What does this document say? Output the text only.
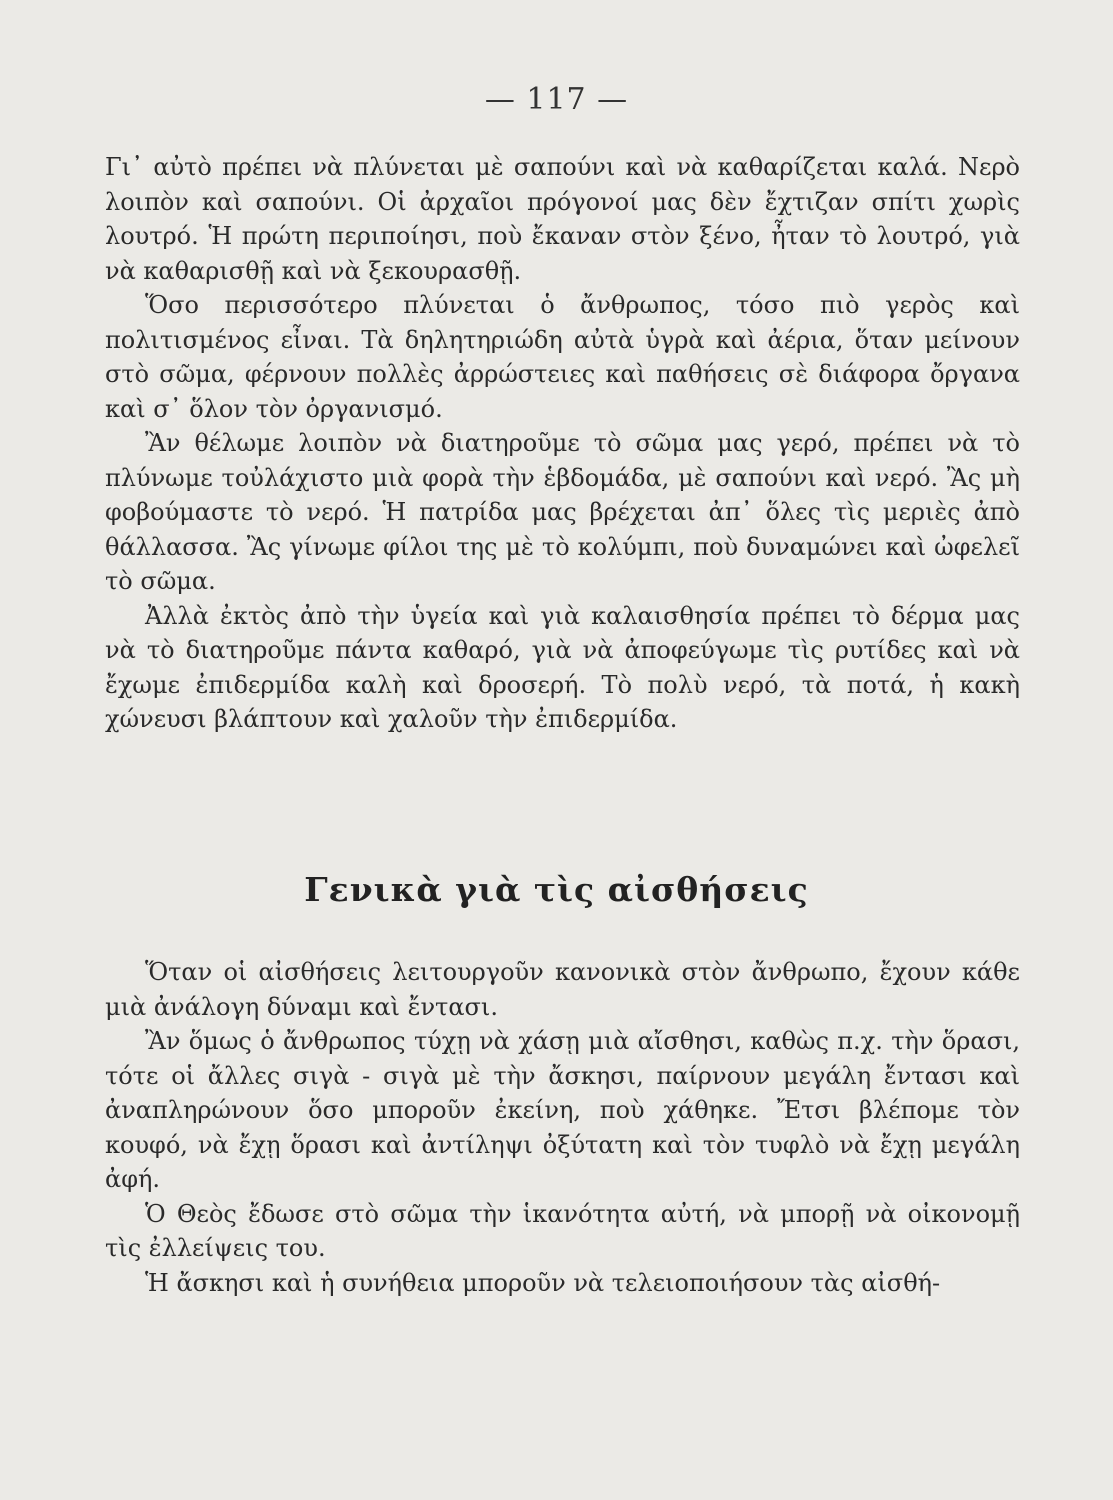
— 117 —

Γι᾿ αὐτὸ πρέπει νὰ πλύνεται μὲ σαπούνι καὶ νὰ καθαρίζεται καλά. Νερὸ λοιπὸν καὶ σαπούνι. Οἱ ἀρχαῖοι πρόγονοί μας δὲν ἔχτιζαν σπίτι χωρὶς λουτρό. Ἡ πρώτη περιποίησι, ποὺ ἔκαναν στὸν ξένο, ἦταν τὸ λουτρό, γιὰ νὰ καθαρισθῇ καὶ νὰ ξεκουρασθῇ.

Ὅσο περισσότερο πλύνεται ὁ ἄνθρωπος, τόσο πιὸ γερὸς καὶ πολιτισμένος εἶναι. Τὰ δηλητηριώδη αὐτὰ ὑγρὰ καὶ ἀέρια, ὅταν μείνουν στὸ σῶμα, φέρνουν πολλὲς ἀρρώστειες καὶ παθήσεις σὲ διάφορα ὄργανα καὶ σ᾿ ὅλον τὸν ὀργανισμό.

Ἂν θέλωμε λοιπὸν νὰ διατηροῦμε τὸ σῶμα μας γερό, πρέπει νὰ τὸ πλύνωμε τοὐλάχιστο μιὰ φορὰ τὴν ἑβδομάδα, μὲ σαπούνι καὶ νερό. Ἂς μὴ φοβούμαστε τὸ νερό. Ἡ πατρίδα μας βρέχεται ἀπ᾿ ὅλες τὶς μεριὲς ἀπὸ θάλλασσα. Ἂς γίνωμε φίλοι της μὲ τὸ κολύμπι, ποὺ δυναμώνει καὶ ὠφελεῖ τὸ σῶμα.

Ἀλλὰ ἐκτὸς ἀπὸ τὴν ὑγεία καὶ γιὰ καλαισθησία πρέπει τὸ δέρμα μας νὰ τὸ διατηροῦμε πάντα καθαρό, γιὰ νὰ ἀποφεύγωμε τὶς ρυτίδες καὶ νὰ ἔχωμε ἐπιδερμίδα καλὴ καὶ δροσερή. Τὸ πολὺ νερό, τὰ ποτά, ἡ κακὴ χώνευσι βλάπτουν καὶ χαλοῦν τὴν ἐπιδερμίδα.

Γενικὰ γιὰ τὶς αἰσθήσεις

Ὅταν οἱ αἰσθήσεις λειτουργοῦν κανονικὰ στὸν ἄνθρωπο, ἔχουν κάθε μιὰ ἀνάλογη δύναμι καὶ ἔντασι.

Ἂν ὅμως ὁ ἄνθρωπος τύχῃ νὰ χάσῃ μιὰ αἴσθησι, καθὼς π.χ. τὴν ὅρασι, τότε οἱ ἄλλες σιγὰ - σιγὰ μὲ τὴν ἄσκησι, παίρνουν μεγάλη ἔντασι καὶ ἀναπληρώνουν ὅσο μποροῦν ἐκείνη, ποὺ χάθηκε. Ἔτσι βλέπομε τὸν κουφό, νὰ ἔχῃ ὅρασι καὶ ἀντίληψι ὀξύτατη καὶ τὸν τυφλὸ νὰ ἔχῃ μεγάλη ἀφή.

Ὁ Θεὸς ἔδωσε στὸ σῶμα τὴν ἱκανότητα αὐτή, νὰ μπορῇ νὰ οἰκονομῇ τὶς ἐλλείψεις του.

Ἡ ἄσκησι καὶ ἡ συνήθεια μποροῦν νὰ τελειοποιήσουν τὰς αἰσθή-
